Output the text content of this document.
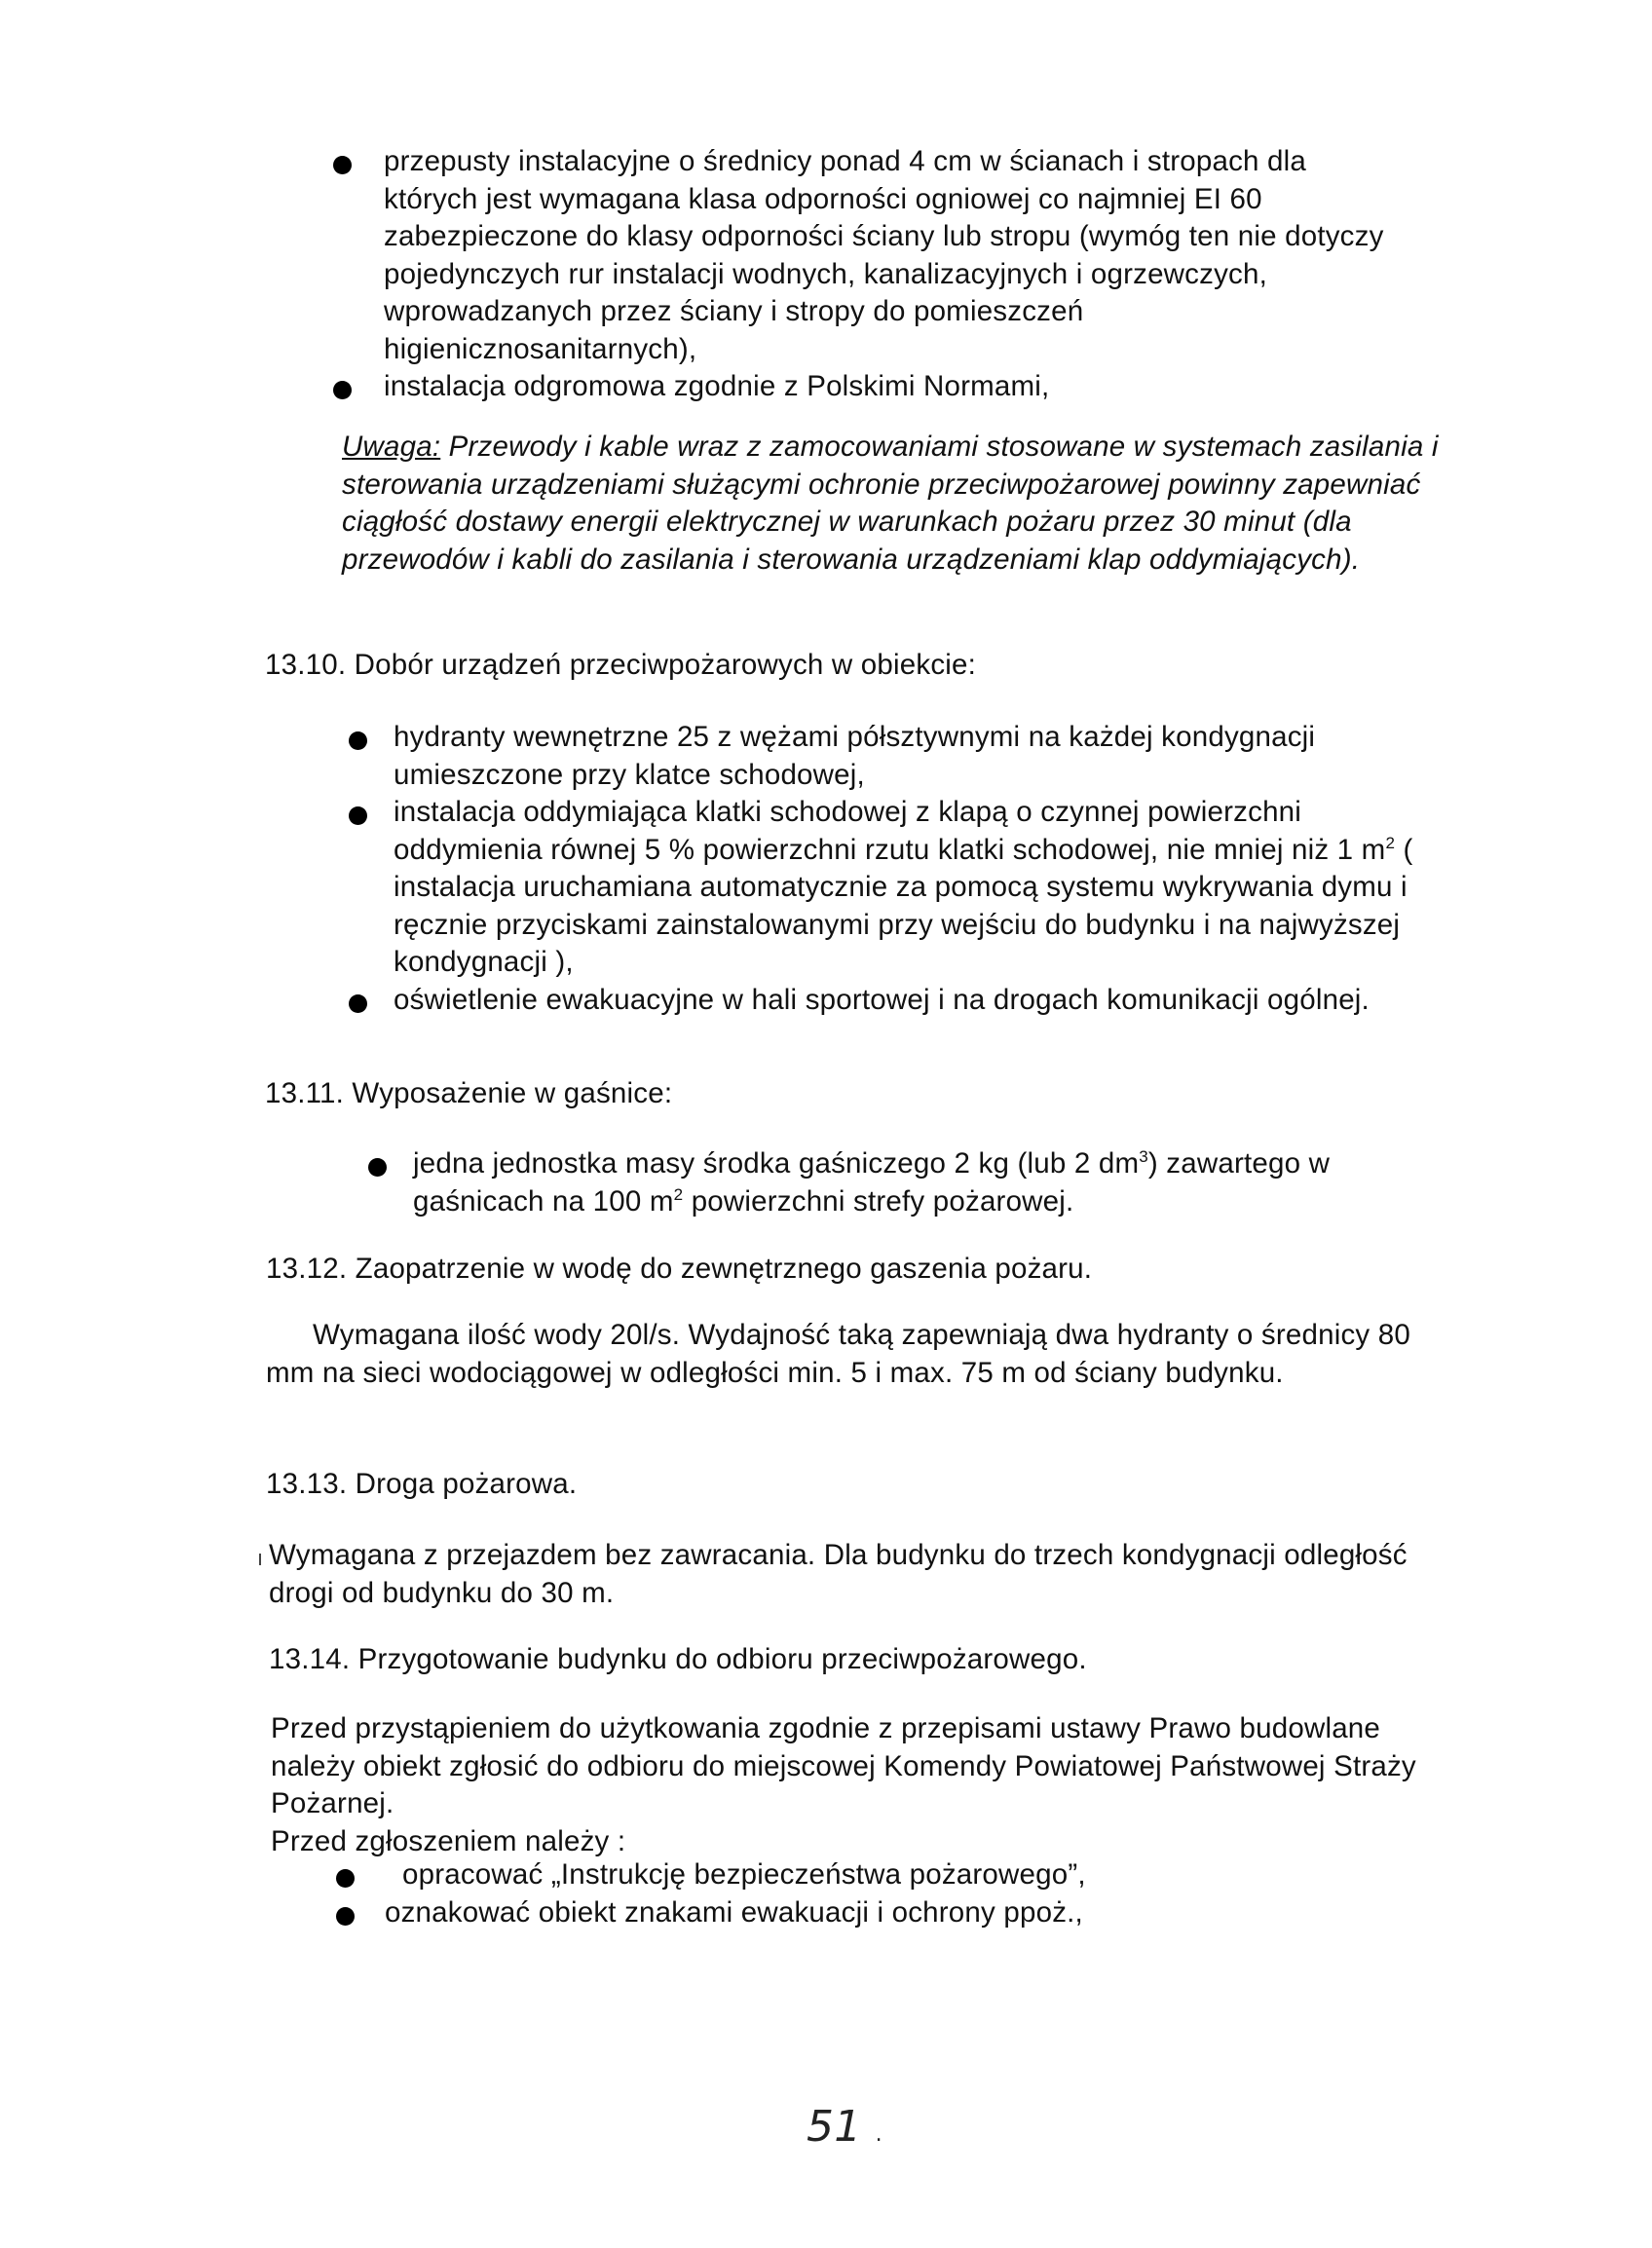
przepusty instalacyjne o średnicy ponad 4 cm w ścianach i stropach dla których jest wymagana klasa odporności ogniowej co najmniej EI 60 zabezpieczone do klasy odporności ściany lub stropu (wymóg ten nie dotyczy pojedynczych rur instalacji wodnych, kanalizacyjnych i ogrzewczych, wprowadzanych przez ściany i stropy do pomieszczeń higienicznosanitarnych),
instalacja odgromowa zgodnie z Polskimi Normami,
Uwaga: Przewody i kable wraz z zamocowaniami stosowane w systemach zasilania i sterowania urządzeniami służącymi ochronie przeciwpożarowej powinny zapewniać ciągłość dostawy energii elektrycznej w warunkach pożaru przez 30 minut (dla przewodów i kabli do zasilania i sterowania urządzeniami klap oddymiających).
13.10. Dobór urządzeń przeciwpożarowych w obiekcie:
hydranty wewnętrzne 25 z wężami półsztywnymi na każdej kondygnacji umieszczone przy klatce schodowej,
instalacja oddymiająca klatki schodowej z klapą o czynnej powierzchni oddymienia równej 5 % powierzchni rzutu klatki schodowej, nie mniej niż 1 $m^2$ ( instalacja uruchamiana automatycznie za pomocą systemu wykrywania dymu i ręcznie przyciskami zainstalowanymi przy wejściu do budynku i na najwyższej kondygnacji ),
oświetlenie ewakuacyjne w hali sportowej i na drogach komunikacji ogólnej.
13.11. Wyposażenie w gaśnice:
jedna jednostka masy środka gaśniczego 2 kg (lub 2 $dm^3$) zawartego w gaśnicach na 100 $m^2$ powierzchni strefy pożarowej.
13.12. Zaopatrzenie w wodę do zewnętrznego gaszenia pożaru.
Wymagana ilość wody 20l/s. Wydajność taką zapewniają dwa hydranty o średnicy 80 mm na sieci wodociągowej w odległości min. 5 i max. 75 m od ściany budynku.
13.13. Droga pożarowa.
Wymagana z przejazdem bez zawracania. Dla budynku do trzech kondygnacji odległość drogi od budynku do 30 m.
13.14. Przygotowanie budynku do odbioru przeciwpożarowego.
Przed przystąpieniem do użytkowania zgodnie z przepisami ustawy Prawo budowlane należy obiekt zgłosić do odbioru do miejscowej Komendy Powiatowej Państwowej Straży Pożarnej.
Przed zgłoszeniem należy :
opracować „Instrukcję bezpieczeństwa pożarowego”,
oznakować obiekt znakami ewakuacji i ochrony ppoż.,
51 .
